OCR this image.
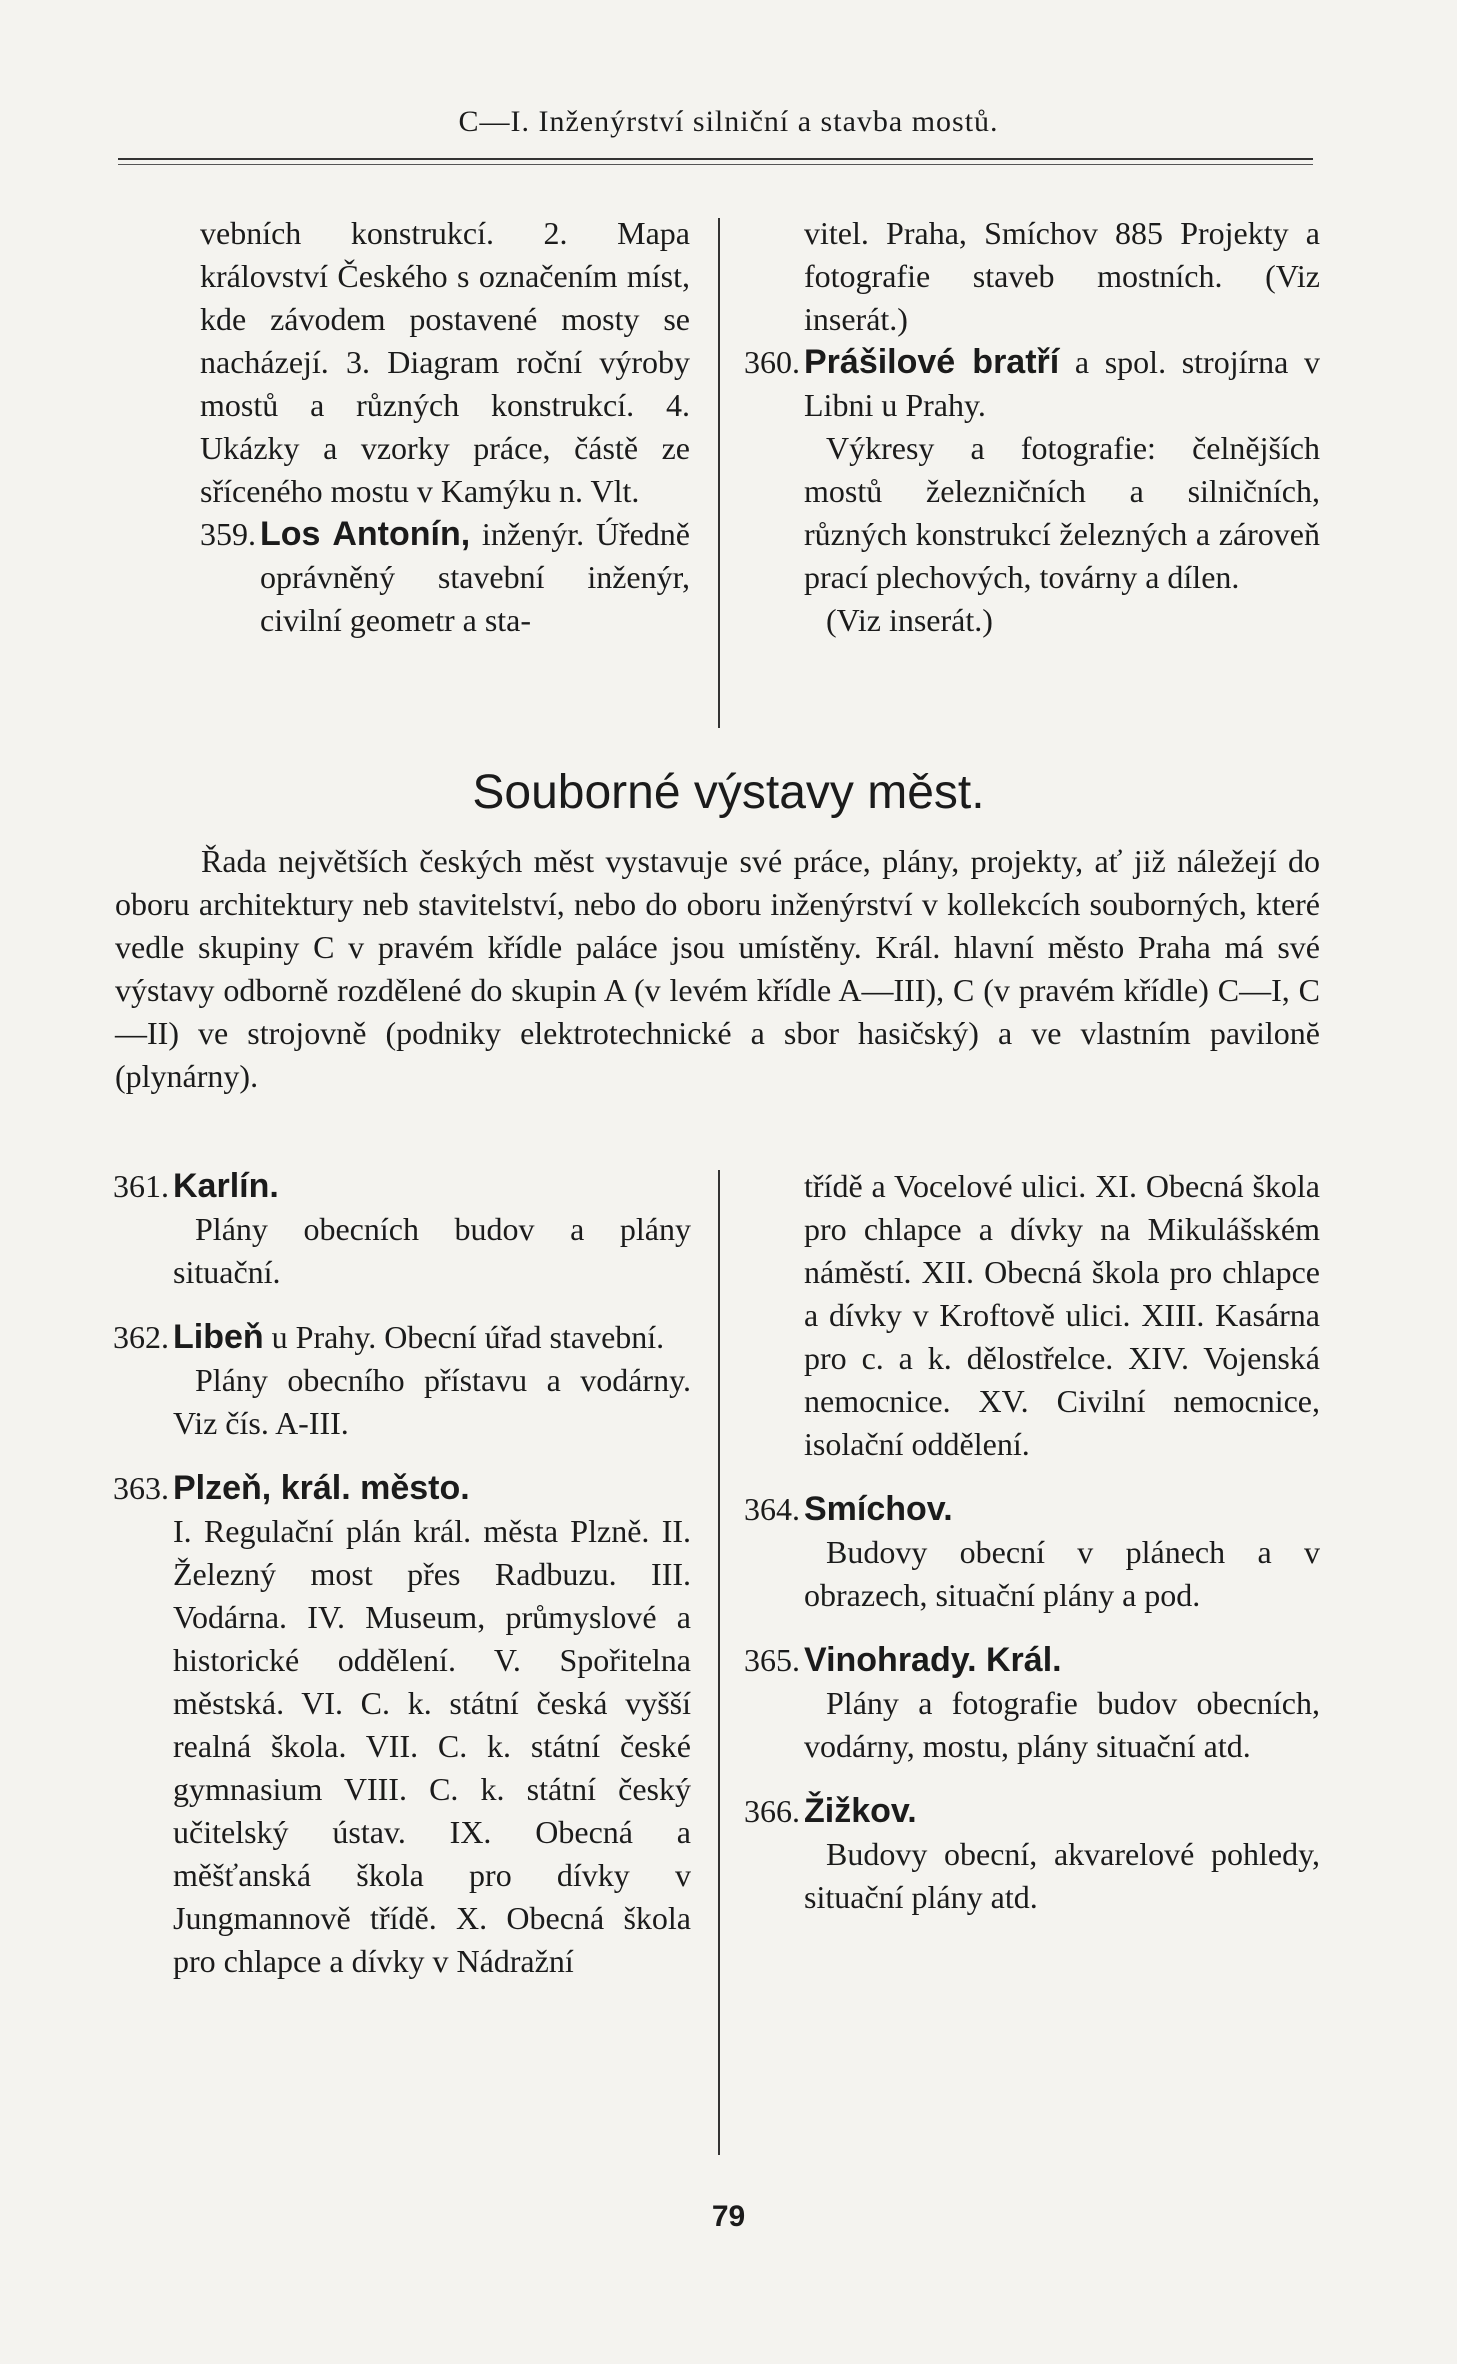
C—I. Inženýrství silniční a stavba mostů.

vebních konstrukcí. 2. Mapa království Českého s označením míst, kde závodem postavené mosty se nacházejí. 3. Diagram roční výroby mostů a různých konstrukcí. 4. Ukázky a vzorky práce, částě ze sříceného mostu v Kamýku n. Vlt.

359. Los Antonín, inženýr. Úředně oprávněný stavební inženýr, civilní geometr a sta-

vitel. Praha, Smíchov 885 Projekty a fotografie staveb mostních. (Viz inserát.)

360. Prášilové bratří a spol. strojírna v Libni u Prahy.

Výkresy a fotografie: čelnějších mostů železničních a silničních, různých konstrukcí železných a zároveň prací plechových, továrny a dílen.

(Viz inserát.)

Souborné výstavy měst.

Řada největších českých měst vystavuje své práce, plány, projekty, ať již náležejí do oboru architektury neb stavitelství, nebo do oboru inženýrství v kollekcích souborných, které vedle skupiny C v pravém křídle paláce jsou umístěny. Král. hlavní město Praha má své výstavy odborně rozdělené do skupin A (v levém křídle A—III), C (v pravém křídle) C—I, C—II) ve strojovně (podniky elektrotechnické a sbor hasičský) a ve vlastním pavilonĕ (plynárny).

361. Karlín.

Plány obecních budov a plány situační.

362. Libeň u Prahy. Obecní úřad stavební.

Plány obecního přístavu a vodárny. Viz čís. A-III.

363. Plzeň, král. město.

I. Regulační plán král. města Plzně. II. Železný most přes Radbuzu. III. Vodárna. IV. Museum, průmyslové a historické oddělení. V. Spořitelna městská. VI. C. k. státní česká vyšší realná škola. VII. C. k. státní české gymnasium VIII. C. k. státní český učitelský ústav. IX. Obecná a měšťanská škola pro dívky v Jungmannově třídě. X. Obecná škola pro chlapce a dívky v Nádražní

třídě a Vocelové ulici. XI. Obecná škola pro chlapce a dívky na Mikulášském náměstí. XII. Obecná škola pro chlapce a dívky v Kroftově ulici. XIII. Kasárna pro c. a k. dělostřelce. XIV. Vojenská nemocnice. XV. Civilní nemocnice, isolační oddělení.

364. Smíchov.

Budovy obecní v plánech a v obrazech, situační plány a pod.

365. Vinohrady. Král.

Plány a fotografie budov obecních, vodárny, mostu, plány situační atd.

366. Žižkov.

Budovy obecní, akvarelové pohledy, situační plány atd.

79
